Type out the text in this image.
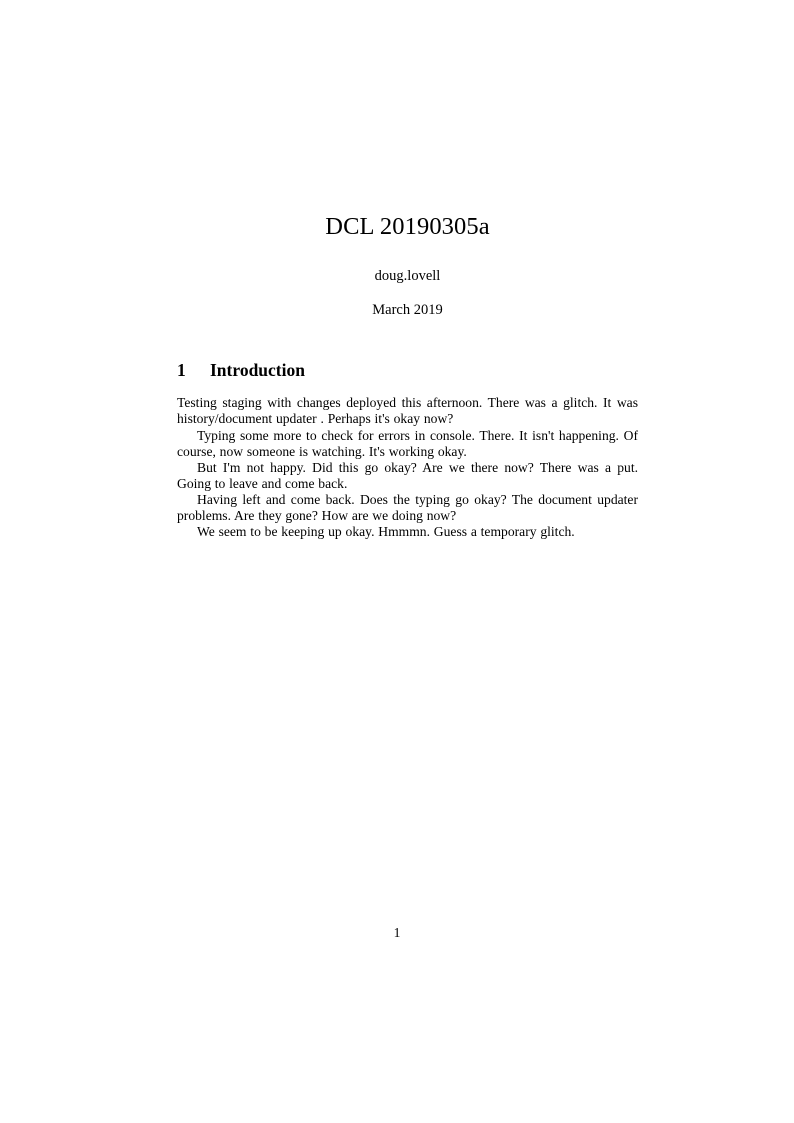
DCL 20190305a
doug.lovell
March 2019
1	Introduction

Testing staging with changes deployed this afternoon. There was a glitch. It was history/document updater . Perhaps it's okay now?

Typing some more to check for errors in console. There. It isn't happening. Of course, now someone is watching. It's working okay.

But I'm not happy. Did this go okay? Are we there now? There was a put. Going to leave and come back.

Having left and come back. Does the typing go okay? The document updater problems. Are they gone? How are we doing now?

We seem to be keeping up okay. Hmmmn. Guess a temporary glitch.

1
